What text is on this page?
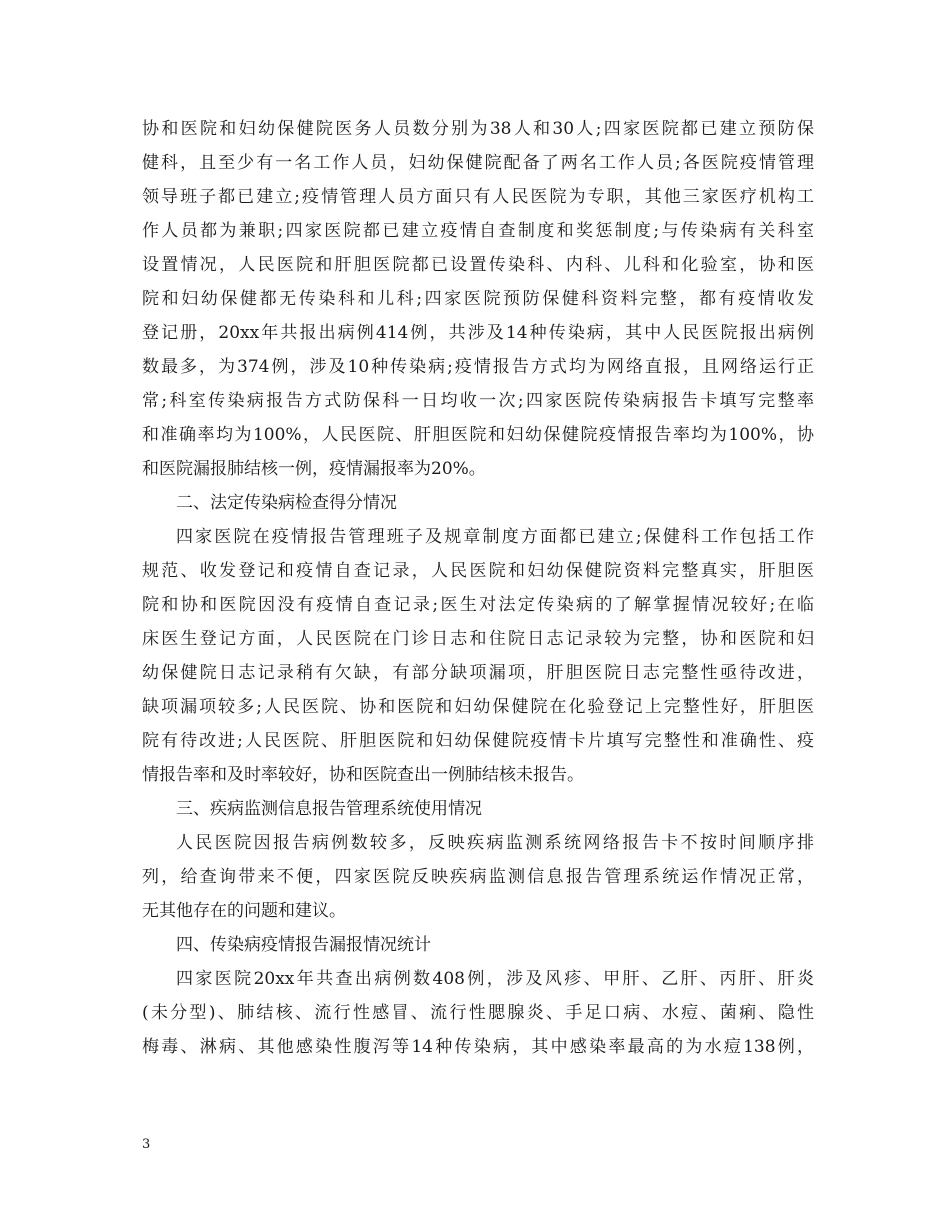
协和医院和妇幼保健院医务人员数分别为38人和30人;四家医院都已建立预防保
健科，且至少有一名工作人员，妇幼保健院配备了两名工作人员;各医院疫情管理
领导班子都已建立;疫情管理人员方面只有人民医院为专职，其他三家医疗机构工
作人员都为兼职;四家医院都已建立疫情自查制度和奖惩制度;与传染病有关科室
设置情况，人民医院和肝胆医院都已设置传染科、内科、儿科和化验室，协和医
院和妇幼保健都无传染科和儿科;四家医院预防保健科资料完整，都有疫情收发
登记册，20xx年共报出病例414例，共涉及14种传染病，其中人民医院报出病例
数最多，为374例，涉及10种传染病;疫情报告方式均为网络直报，且网络运行正
常;科室传染病报告方式防保科一日均收一次;四家医院传染病报告卡填写完整率
和准确率均为100%，人民医院、肝胆医院和妇幼保健院疫情报告率均为100%，协
和医院漏报肺结核一例，疫情漏报率为20%。
二、法定传染病检查得分情况
四家医院在疫情报告管理班子及规章制度方面都已建立;保健科工作包括工作
规范、收发登记和疫情自查记录，人民医院和妇幼保健院资料完整真实，肝胆医
院和协和医院因没有疫情自查记录;医生对法定传染病的了解掌握情况较好;在临
床医生登记方面，人民医院在门诊日志和住院日志记录较为完整，协和医院和妇
幼保健院日志记录稍有欠缺，有部分缺项漏项，肝胆医院日志完整性亟待改进，
缺项漏项较多;人民医院、协和医院和妇幼保健院在化验登记上完整性好，肝胆医
院有待改进;人民医院、肝胆医院和妇幼保健院疫情卡片填写完整性和准确性、疫
情报告率和及时率较好，协和医院查出一例肺结核未报告。
三、疾病监测信息报告管理系统使用情况
人民医院因报告病例数较多，反映疾病监测系统网络报告卡不按时间顺序排
列，给查询带来不便，四家医院反映疾病监测信息报告管理系统运作情况正常，
无其他存在的问题和建议。
四、传染病疫情报告漏报情况统计
四家医院20xx年共查出病例数408例，涉及风疹、甲肝、乙肝、丙肝、肝炎
(未分型)、肺结核、流行性感冒、流行性腮腺炎、手足口病、水痘、菌痢、隐性
梅毒、淋病、其他感染性腹泻等14种传染病，其中感染率最高的为水痘138例，
3
